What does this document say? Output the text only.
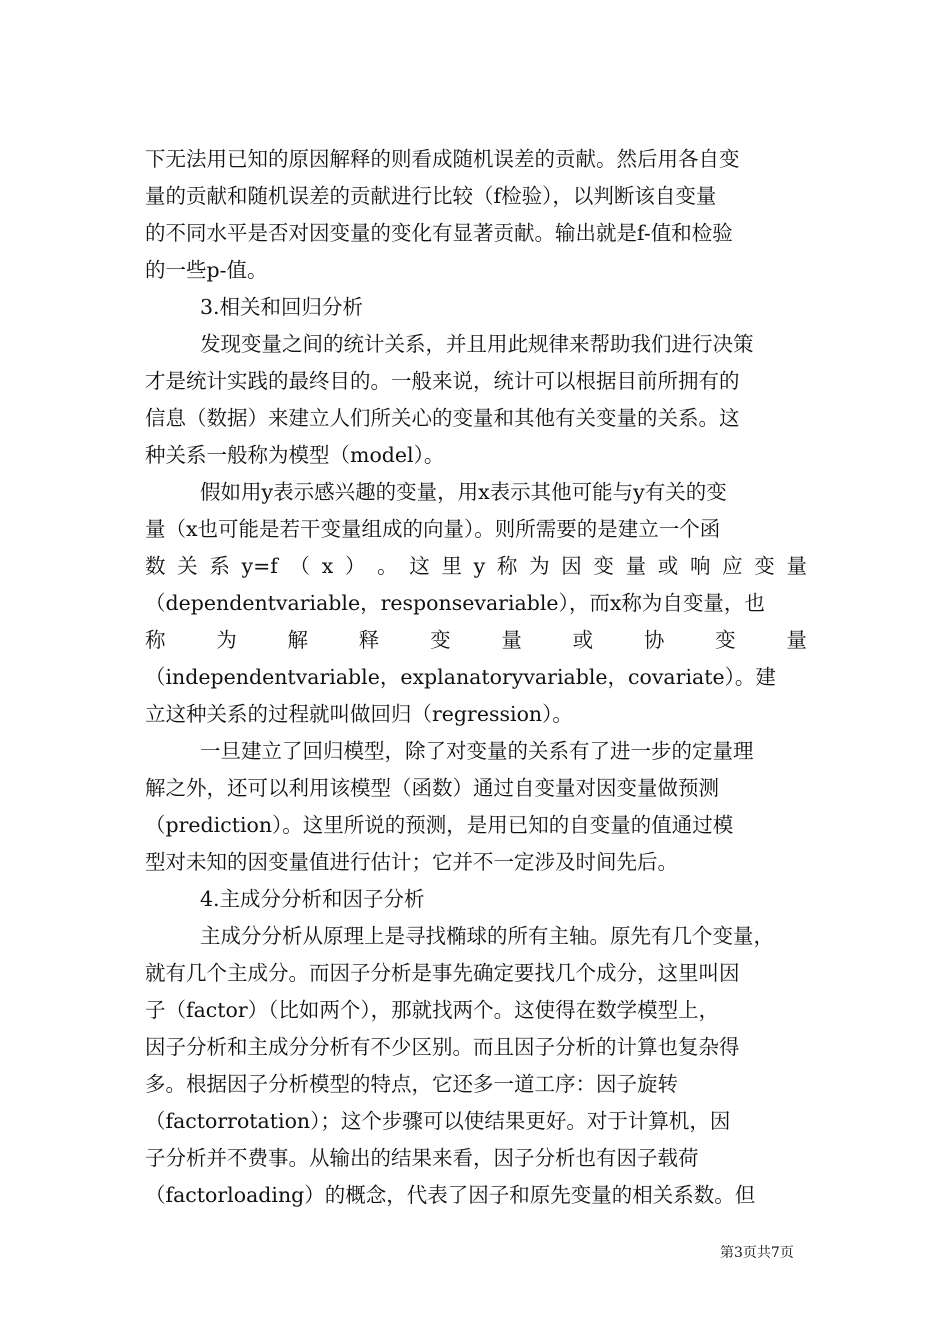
下无法用已知的原因解释的则看成随机误差的贡献。然后用各自变
量的贡献和随机误差的贡献进行比较（f检验），以判断该自变量
的不同水平是否对因变量的变化有显著贡献。输出就是f-值和检验
的一些p-值。
3.相关和回归分析
发现变量之间的统计关系，并且用此规律来帮助我们进行决策
才是统计实践的最终目的。一般来说，统计可以根据目前所拥有的
信息（数据）来建立人们所关心的变量和其他有关变量的关系。这
种关系一般称为模型（model）。
假如用y表示感兴趣的变量，用x表示其他可能与y有关的变
量（x也可能是若干变量组成的向量）。则所需要的是建立一个函
数 关 系 y=f （ x ） 。 这 里 y 称 为 因 变 量 或 响 应 变 量
（dependentvariable，responsevariable），而x称为自变量，也
称 为 解 释 变 量 或 协 变 量
（independentvariable，explanatoryvariable，covariate）。建
立这种关系的过程就叫做回归（regression）。
一旦建立了回归模型，除了对变量的关系有了进一步的定量理
解之外，还可以利用该模型（函数）通过自变量对因变量做预测
（prediction）。这里所说的预测，是用已知的自变量的值通过模
型对未知的因变量值进行估计；它并不一定涉及时间先后。
4.主成分分析和因子分析
主成分分析从原理上是寻找椭球的所有主轴。原先有几个变量，
就有几个主成分。而因子分析是事先确定要找几个成分，这里叫因
子（factor）（比如两个），那就找两个。这使得在数学模型上，
因子分析和主成分分析有不少区别。而且因子分析的计算也复杂得
多。根据因子分析模型的特点，它还多一道工序：因子旋转
（factorrotation）；这个步骤可以使结果更好。对于计算机，因
子分析并不费事。从输出的结果来看，因子分析也有因子载荷
（factorloading）的概念，代表了因子和原先变量的相关系数。但
第3页共7页
